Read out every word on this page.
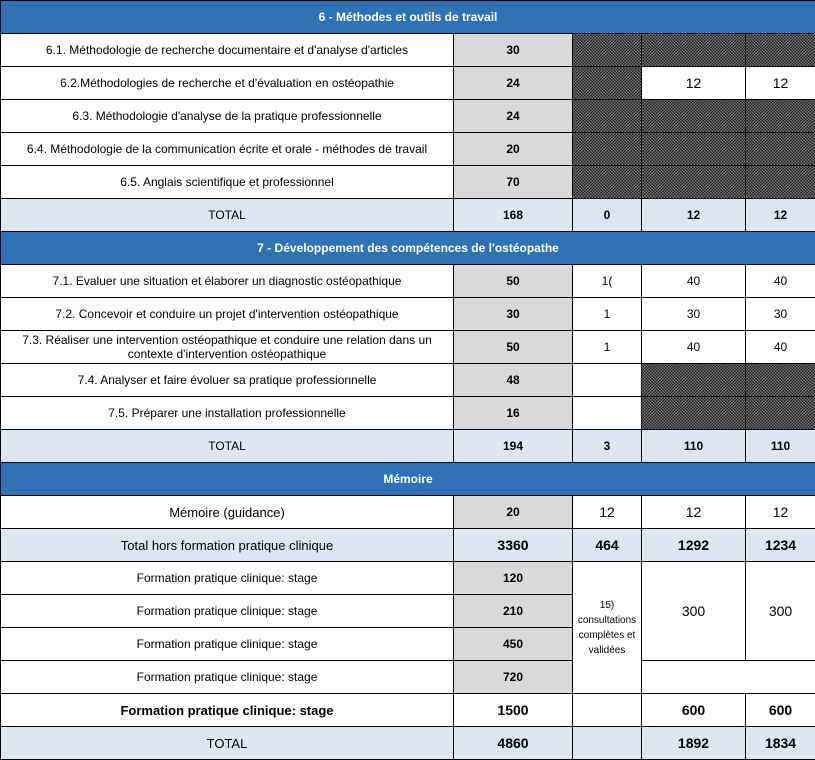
6 - Méthodes et outils de travail				
6.1. Méthodologie de recherche documentaire et d'analyse d'articles	30			
6.2.Méthodologies de recherche et d'évaluation en ostéopathie	24		12	12
6.3. Méthodologie d'analyse de la pratique professionnelle	24			
6.4. Méthodologie de la communication écrite et orale - méthodes de travail	20			
6.5. Anglais scientifique et professionnel	70			
TOTAL	168	0	12	12
7 - Développement des compétences de l'ostéopathe				
7.1. Evaluer une situation et élaborer un diagnostic ostéopathique	50	1(	40	40
7.2. Concevoir et conduire un projet d'intervention ostéopathique	30	1	30	30
7.3. Réaliser une intervention ostéopathique et conduire une relation dans un contexte d'intervention ostéopathique	50	1	40	40
7.4. Analyser et faire évoluer sa pratique professionnelle	48			
7.5. Préparer une installation professionnelle	16			
TOTAL	194	3	110	110
Mémoire				
Mémoire (guidance)	20	12	12	12
Total hors formation pratique clinique	3360	464	1292	1234
Formation pratique clinique: stage	120	15) consultations complètes et validées	300	300
Formation pratique clinique: stage	210			
Formation pratique clinique: stage	450			
Formation pratique clinique: stage	720			
Formation pratique clinique: stage	1500		600	600
TOTAL	4860		1892	1834
